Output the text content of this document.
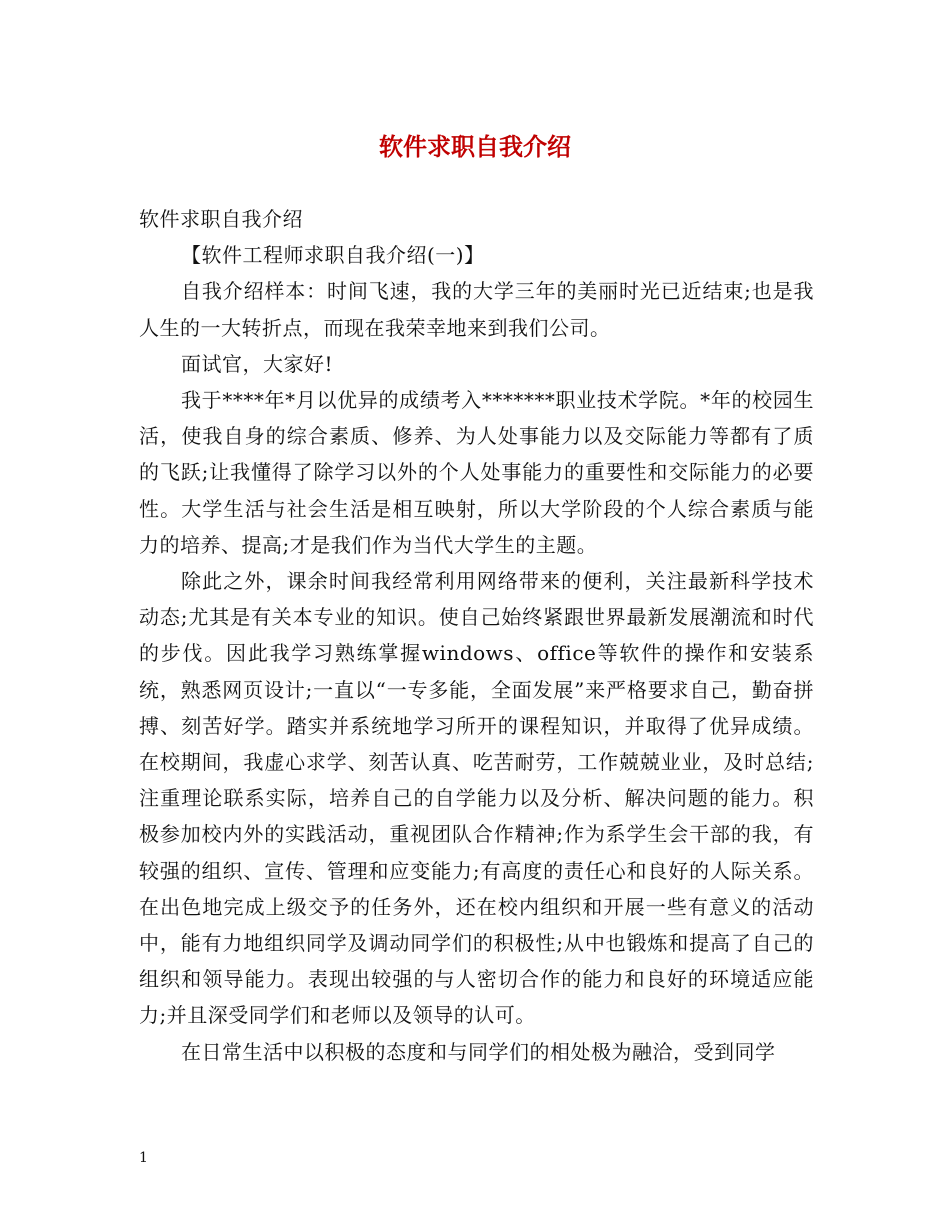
软件求职自我介绍

软件求职自我介绍

【软件工程师求职自我介绍(一)】

自我介绍样本：时间飞速，我的大学三年的美丽时光已近结束;也是我人生的一大转折点，而现在我荣幸地来到我们公司。

面试官，大家好!

我于****年*月以优异的成绩考入*******职业技术学院。*年的校园生活，使我自身的综合素质、修养、为人处事能力以及交际能力等都有了质的飞跃;让我懂得了除学习以外的个人处事能力的重要性和交际能力的必要性。大学生活与社会生活是相互映射，所以大学阶段的个人综合素质与能力的培养、提高;才是我们作为当代大学生的主题。

除此之外，课余时间我经常利用网络带来的便利，关注最新科学技术动态;尤其是有关本专业的知识。使自己始终紧跟世界最新发展潮流和时代的步伐。因此我学习熟练掌握windows、office等软件的操作和安装系统，熟悉网页设计;一直以“一专多能，全面发展”来严格要求自己，勤奋拼搏、刻苦好学。踏实并系统地学习所开的课程知识，并取得了优异成绩。在校期间，我虚心求学、刻苦认真、吃苦耐劳，工作兢兢业业，及时总结;注重理论联系实际，培养自己的自学能力以及分析、解决问题的能力。积极参加校内外的实践活动，重视团队合作精神;作为系学生会干部的我，有较强的组织、宣传、管理和应变能力;有高度的责任心和良好的人际关系。在出色地完成上级交予的任务外，还在校内组织和开展一些有意义的活动中，能有力地组织同学及调动同学们的积极性;从中也锻炼和提高了自己的组织和领导能力。表现出较强的与人密切合作的能力和良好的环境适应能力;并且深受同学们和老师以及领导的认可。

在日常生活中以积极的态度和与同学们的相处极为融洽，受到同学

1
